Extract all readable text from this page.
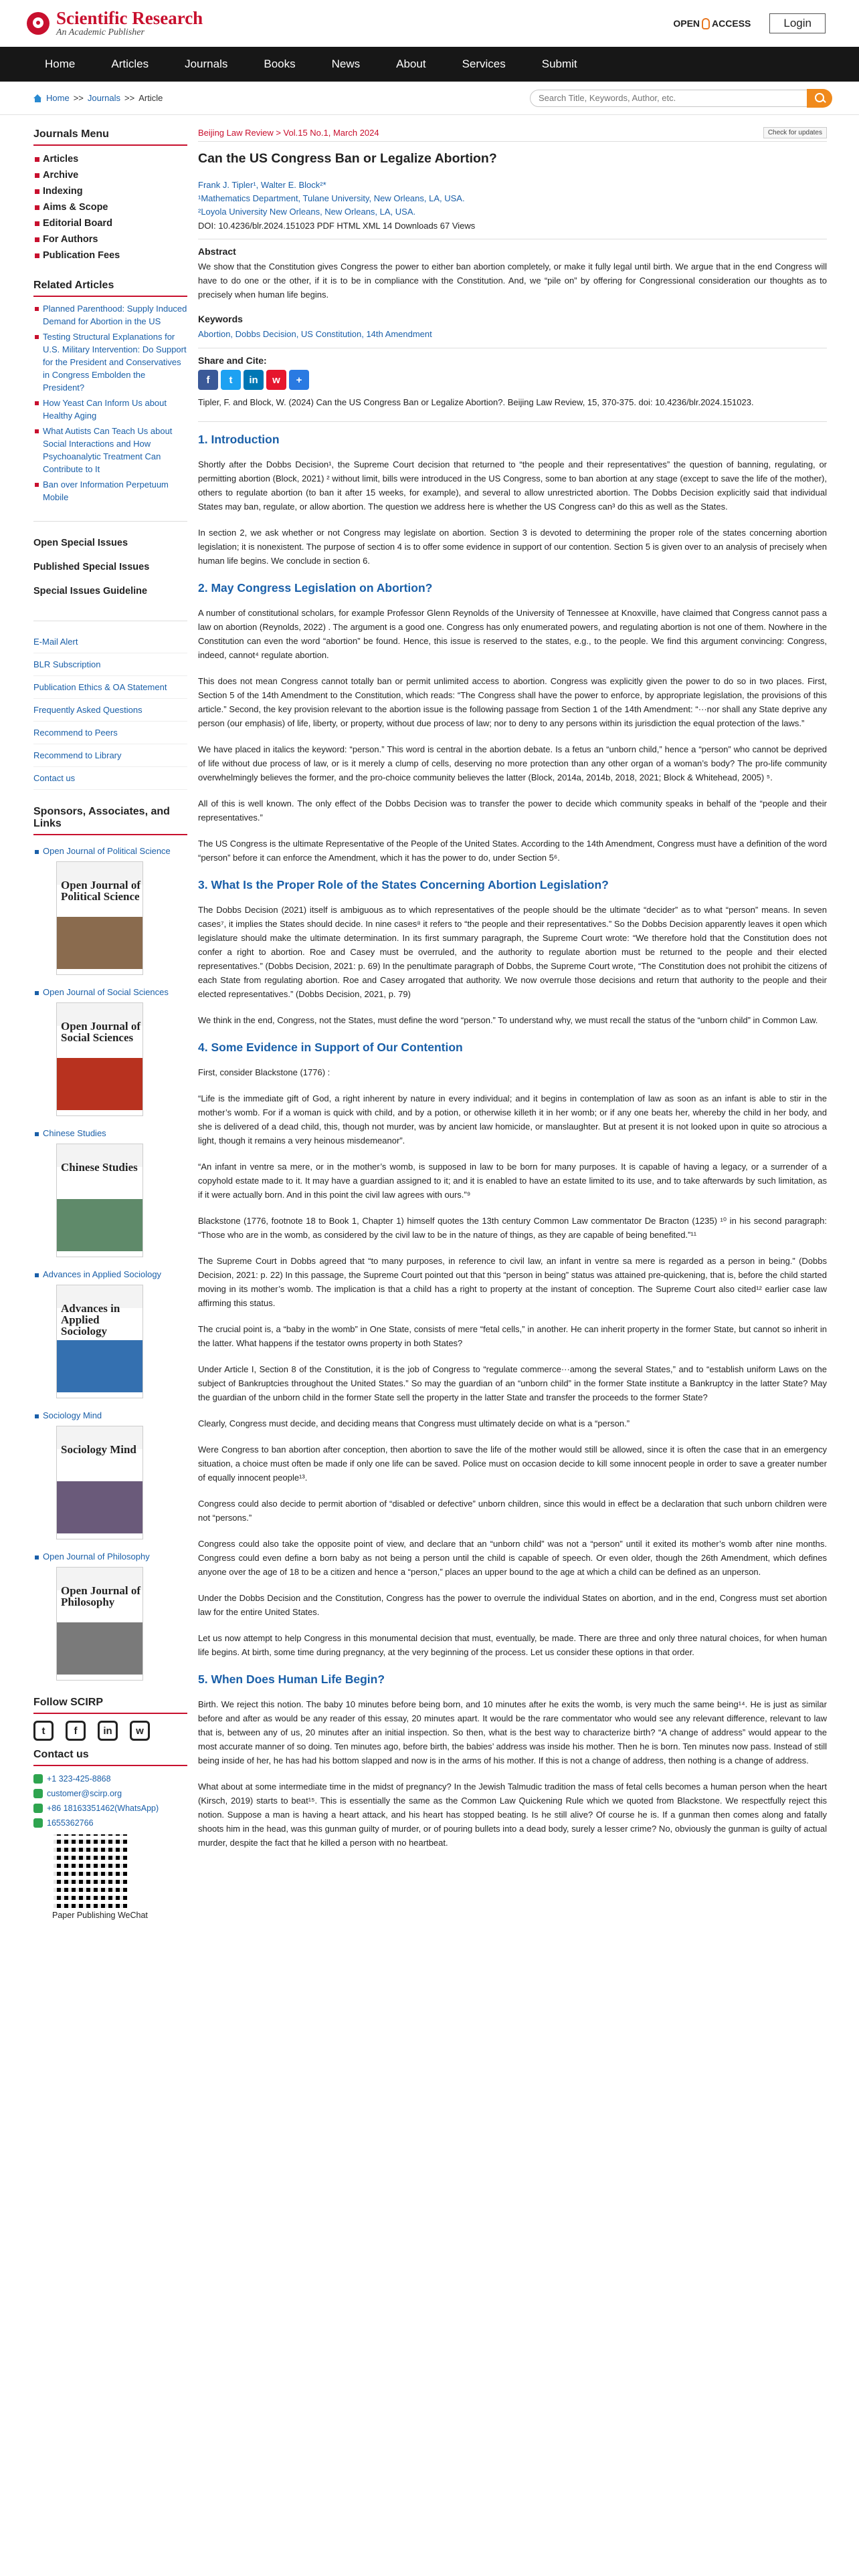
Scientific Research
An Academic Publisher
OPEN ACCESS	Login
Home	Articles	Journals	Books	News	About	Services	Submit
Home >> Journals >> Article
Search Title, Keywords, Author, etc.
Journals Menu
Articles
Archive
Indexing
Aims & Scope
Editorial Board
For Authors
Publication Fees
Related Articles
Planned Parenthood: Supply Induced Demand for Abortion in the US
Testing Structural Explanations for U.S. Military Intervention: Do Support for the President and Conservatives in Congress Embolden the President?
How Yeast Can Inform Us about Healthy Aging
What Autists Can Teach Us about Social Interactions and How Psychoanalytic Treatment Can Contribute to It
Ban over Information Perpetuum Mobile
Open Special Issues
Published Special Issues
Special Issues Guideline
E-Mail Alert
BLR Subscription
Publication Ethics & OA Statement
Frequently Asked Questions
Recommend to Peers
Recommend to Library
Contact us
Sponsors, Associates, and Links
Open Journal of Political Science
Open Journal of Political Science
Open Journal of Social Sciences
Open Journal of Social Sciences
Chinese Studies
Chinese Studies
Advances in Applied Sociology
Advances in Applied Sociology
Sociology Mind
Sociology Mind
Open Journal of Philosophy
Open Journal of Philosophy
Follow SCIRP
t	f	in	w
Contact us
+1 323-425-8868
customer@scirp.org
+86 18163351462(WhatsApp)
1655362766
Paper Publishing WeChat
Beijing Law Review > Vol.15 No.1, March 2024	Check for updates
Can the US Congress Ban or Legalize Abortion?
Frank J. Tipler¹, Walter E. Block²*
¹Mathematics Department, Tulane University, New Orleans, LA, USA.
²Loyola University New Orleans, New Orleans, LA, USA.
DOI: 10.4236/blr.2024.151023 PDF HTML XML 14 Downloads 67 Views
Abstract

We show that the Constitution gives Congress the power to either ban abortion completely, or make it fully legal until birth. We argue that in the end Congress will have to do one or the other, if it is to be in compliance with the Constitution. And, we “pile on” by offering for Congressional consideration our thoughts as to precisely when human life begins.

Keywords

Abortion, Dobbs Decision, US Constitution, 14th Amendment

Share and Cite:
f	t	in	w	+

Tipler, F. and Block, W. (2024) Can the US Congress Ban or Legalize Abortion?. Beijing Law Review, 15, 370-375. doi: 10.4236/blr.2024.151023.

1. Introduction

Shortly after the Dobbs Decision¹, the Supreme Court decision that returned to “the people and their representatives” the question of banning, regulating, or permitting abortion (Block, 2021) ² without limit, bills were introduced in the US Congress, some to ban abortion at any stage (except to save the life of the mother), others to regulate abortion (to ban it after 15 weeks, for example), and several to allow unrestricted abortion. The Dobbs Decision explicitly said that individual States may ban, regulate, or allow abortion. The question we address here is whether the US Congress can³ do this as well as the States.

In section 2, we ask whether or not Congress may legislate on abortion. Section 3 is devoted to determining the proper role of the states concerning abortion legislation; it is nonexistent. The purpose of section 4 is to offer some evidence in support of our contention. Section 5 is given over to an analysis of precisely when human life begins. We conclude in section 6.

2. May Congress Legislation on Abortion?

A number of constitutional scholars, for example Professor Glenn Reynolds of the University of Tennessee at Knoxville, have claimed that Congress cannot pass a law on abortion (Reynolds, 2022) . The argument is a good one. Congress has only enumerated powers, and regulating abortion is not one of them. Nowhere in the Constitution can even the word “abortion” be found. Hence, this issue is reserved to the states, e.g., to the people. We find this argument convincing: Congress, indeed, cannot⁴ regulate abortion.

This does not mean Congress cannot totally ban or permit unlimited access to abortion. Congress was explicitly given the power to do so in two places. First, Section 5 of the 14th Amendment to the Constitution, which reads: “The Congress shall have the power to enforce, by appropriate legislation, the provisions of this article.” Second, the key provision relevant to the abortion issue is the following passage from Section 1 of the 14th Amendment: “···nor shall any State deprive any person (our emphasis) of life, liberty, or property, without due process of law; nor to deny to any persons within its jurisdiction the equal protection of the laws.”

We have placed in italics the keyword: “person.” This word is central in the abortion debate. Is a fetus an “unborn child,” hence a “person” who cannot be deprived of life without due process of law, or is it merely a clump of cells, deserving no more protection than any other organ of a woman’s body? The pro-life community overwhelmingly believes the former, and the pro-choice community believes the latter (Block, 2014a, 2014b, 2018, 2021; Block & Whitehead, 2005) ⁵.

All of this is well known. The only effect of the Dobbs Decision was to transfer the power to decide which community speaks in behalf of the “people and their representatives.”

The US Congress is the ultimate Representative of the People of the United States. According to the 14th Amendment, Congress must have a definition of the word “person” before it can enforce the Amendment, which it has the power to do, under Section 5⁶.

3. What Is the Proper Role of the States Concerning Abortion Legislation?

The Dobbs Decision (2021) itself is ambiguous as to which representatives of the people should be the ultimate “decider” as to what “person” means. In seven cases⁷, it implies the States should decide. In nine cases⁸ it refers to “the people and their representatives.” So the Dobbs Decision apparently leaves it open which legislature should make the ultimate determination. In its first summary paragraph, the Supreme Court wrote: “We therefore hold that the Constitution does not confer a right to abortion. Roe and Casey must be overruled, and the authority to regulate abortion must be returned to the people and their elected representatives.” (Dobbs Decision, 2021: p. 69) In the penultimate paragraph of Dobbs, the Supreme Court wrote, “The Constitution does not prohibit the citizens of each State from regulating abortion. Roe and Casey arrogated that authority. We now overrule those decisions and return that authority to the people and their elected representatives.” (Dobbs Decision, 2021, p. 79)

We think in the end, Congress, not the States, must define the word “person.” To understand why, we must recall the status of the “unborn child” in Common Law.

4. Some Evidence in Support of Our Contention

First, consider Blackstone (1776) :

“Life is the immediate gift of God, a right inherent by nature in every individual; and it begins in contemplation of law as soon as an infant is able to stir in the mother’s womb. For if a woman is quick with child, and by a potion, or otherwise killeth it in her womb; or if any one beats her, whereby the child in her body, and she is delivered of a dead child, this, though not murder, was by ancient law homicide, or manslaughter. But at present it is not looked upon in quite so atrocious a light, though it remains a very heinous misdemeanor”.
“An infant in ventre sa mere, or in the mother’s womb, is supposed in law to be born for many purposes. It is capable of having a legacy, or a surrender of a copyhold estate made to it. It may have a guardian assigned to it; and it is enabled to have an estate limited to its use, and to take afterwards by such limitation, as if it were actually born. And in this point the civil law agrees with ours.”⁹

Blackstone (1776, footnote 18 to Book 1, Chapter 1) himself quotes the 13th century Common Law commentator De Bracton (1235) ¹⁰ in his second paragraph: “Those who are in the womb, as considered by the civil law to be in the nature of things, as they are capable of being benefited.”¹¹

The Supreme Court in Dobbs agreed that “to many purposes, in reference to civil law, an infant in ventre sa mere is regarded as a person in being.” (Dobbs Decision, 2021: p. 22) In this passage, the Supreme Court pointed out that this “person in being” status was attained pre-quickening, that is, before the child started moving in its mother’s womb. The implication is that a child has a right to property at the instant of conception. The Supreme Court also cited¹² earlier case law affirming this status.

The crucial point is, a “baby in the womb” in One State, consists of mere “fetal cells,” in another. He can inherit property in the former State, but cannot so inherit in the latter. What happens if the testator owns property in both States?

Under Article I, Section 8 of the Constitution, it is the job of Congress to “regulate commerce···among the several States,” and to “establish uniform Laws on the subject of Bankruptcies throughout the United States.” So may the guardian of an “unborn child” in the former State institute a Bankruptcy in the latter State? May the guardian of the unborn child in the former State sell the property in the latter State and transfer the proceeds to the former State?

Clearly, Congress must decide, and deciding means that Congress must ultimately decide on what is a “person.”

Were Congress to ban abortion after conception, then abortion to save the life of the mother would still be allowed, since it is often the case that in an emergency situation, a choice must often be made if only one life can be saved. Police must on occasion decide to kill some innocent people in order to save a greater number of equally innocent people¹³.

Congress could also decide to permit abortion of “disabled or defective” unborn children, since this would in effect be a declaration that such unborn children were not “persons.”

Congress could also take the opposite point of view, and declare that an “unborn child” was not a “person” until it exited its mother’s womb after nine months. Congress could even define a born baby as not being a person until the child is capable of speech. Or even older, though the 26th Amendment, which defines anyone over the age of 18 to be a citizen and hence a “person,” places an upper bound to the age at which a child can be defined as an unperson.

Under the Dobbs Decision and the Constitution, Congress has the power to overrule the individual States on abortion, and in the end, Congress must set abortion law for the entire United States.

Let us now attempt to help Congress in this monumental decision that must, eventually, be made. There are three and only three natural choices, for when human life begins. At birth, some time during pregnancy, at the very beginning of the process. Let us consider these options in that order.

5. When Does Human Life Begin?

Birth. We reject this notion. The baby 10 minutes before being born, and 10 minutes after he exits the womb, is very much the same being¹⁴. He is just as similar before and after as would be any reader of this essay, 20 minutes apart. It would be the rare commentator who would see any relevant difference, relevant to law that is, between any of us, 20 minutes after an initial inspection. So then, what is the best way to characterize birth? “A change of address” would appear to the most accurate manner of so doing. Ten minutes ago, before birth, the babies’ address was inside his mother. Then he is born. Ten minutes now pass. Instead of still being inside of her, he has had his bottom slapped and now is in the arms of his mother. If this is not a change of address, then nothing is a change of address.

What about at some intermediate time in the midst of pregnancy? In the Jewish Talmudic tradition the mass of fetal cells becomes a human person when the heart (Kirsch, 2019) starts to beat¹⁵. This is essentially the same as the Common Law Quickening Rule which we quoted from Blackstone. We respectfully reject this notion. Suppose a man is having a heart attack, and his heart has stopped beating. Is he still alive? Of course he is. If a gunman then comes along and fatally shoots him in the head, was this gunman guilty of murder, or of pouring bullets into a dead body, surely a lesser crime? No, obviously the gunman is guilty of actual murder, despite the fact that he killed a person with no heartbeat.
